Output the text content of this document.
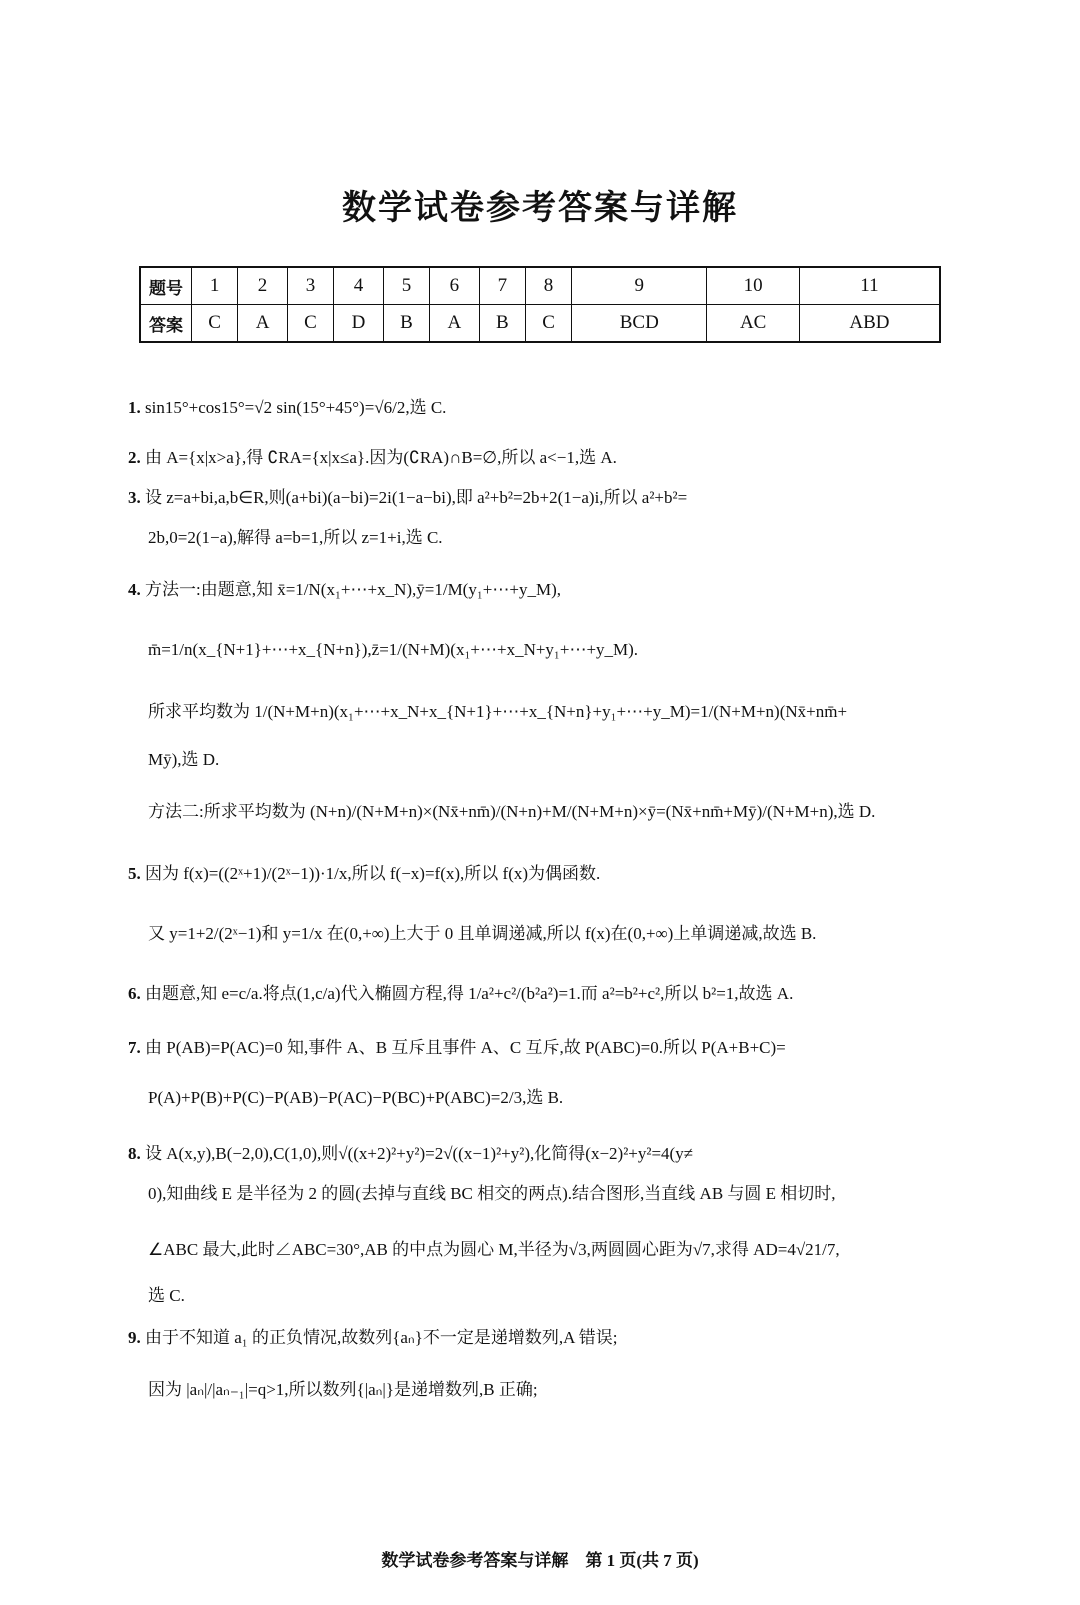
数学试卷参考答案与详解
题号	1	2	3	4	5	6	7	8	9	10	11
答案	C	A	C	D	B	A	B	C	BCD	AC	ABD
1. sin15°+cos15°=√2 sin(15°+45°)=√6/2,选 C.
2. 由 A={x|x>a},得 ∁RA={x|x≤a}.因为(∁RA)∩B=∅,所以 a<−1,选 A.
3. 设 z=a+bi,a,b∈R,则(a+bi)(a−bi)=2i(1−a−bi),即 a²+b²=2b+2(1−a)i,所以 a²+b²=
2b,0=2(1−a),解得 a=b=1,所以 z=1+i,选 C.
4. 方法一:由题意,知 x̄=1/N(x₁+⋯+x_N),ȳ=1/M(y₁+⋯+y_M),
m̄=1/n(x_{N+1}+⋯+x_{N+n}),z̄=1/(N+M)(x₁+⋯+x_N+y₁+⋯+y_M).
所求平均数为 1/(N+M+n)(x₁+⋯+x_N+x_{N+1}+⋯+x_{N+n}+y₁+⋯+y_M)=1/(N+M+n)(Nx̄+nm̄+
Mȳ),选 D.
方法二:所求平均数为 (N+n)/(N+M+n)×(Nx̄+nm̄)/(N+n)+M/(N+M+n)×ȳ=(Nx̄+nm̄+Mȳ)/(N+M+n),选 D.
5. 因为 f(x)=((2ˣ+1)/(2ˣ−1))·1/x,所以 f(−x)=f(x),所以 f(x)为偶函数.
又 y=1+2/(2ˣ−1)和 y=1/x 在(0,+∞)上大于 0 且单调递减,所以 f(x)在(0,+∞)上单调递减,故选 B.
6. 由题意,知 e=c/a.将点(1,c/a)代入椭圆方程,得 1/a²+c²/(b²a²)=1.而 a²=b²+c²,所以 b²=1,故选 A.
7. 由 P(AB)=P(AC)=0 知,事件 A、B 互斥且事件 A、C 互斥,故 P(ABC)=0.所以 P(A+B+C)=
P(A)+P(B)+P(C)−P(AB)−P(AC)−P(BC)+P(ABC)=2/3,选 B.
8. 设 A(x,y),B(−2,0),C(1,0),则√((x+2)²+y²)=2√((x−1)²+y²),化简得(x−2)²+y²=4(y≠
0),知曲线 E 是半径为 2 的圆(去掉与直线 BC 相交的两点).结合图形,当直线 AB 与圆 E 相切时,
∠ABC 最大,此时∠ABC=30°,AB 的中点为圆心 M,半径为√3,两圆圆心距为√7,求得 AD=4√21/7,
选 C.
9. 由于不知道 a₁ 的正负情况,故数列{aₙ}不一定是递增数列,A 错误;
因为 |aₙ|/|aₙ₋₁|=q>1,所以数列{|aₙ|}是递增数列,B 正确;
数学试卷参考答案与详解　第 1 页(共 7 页)
